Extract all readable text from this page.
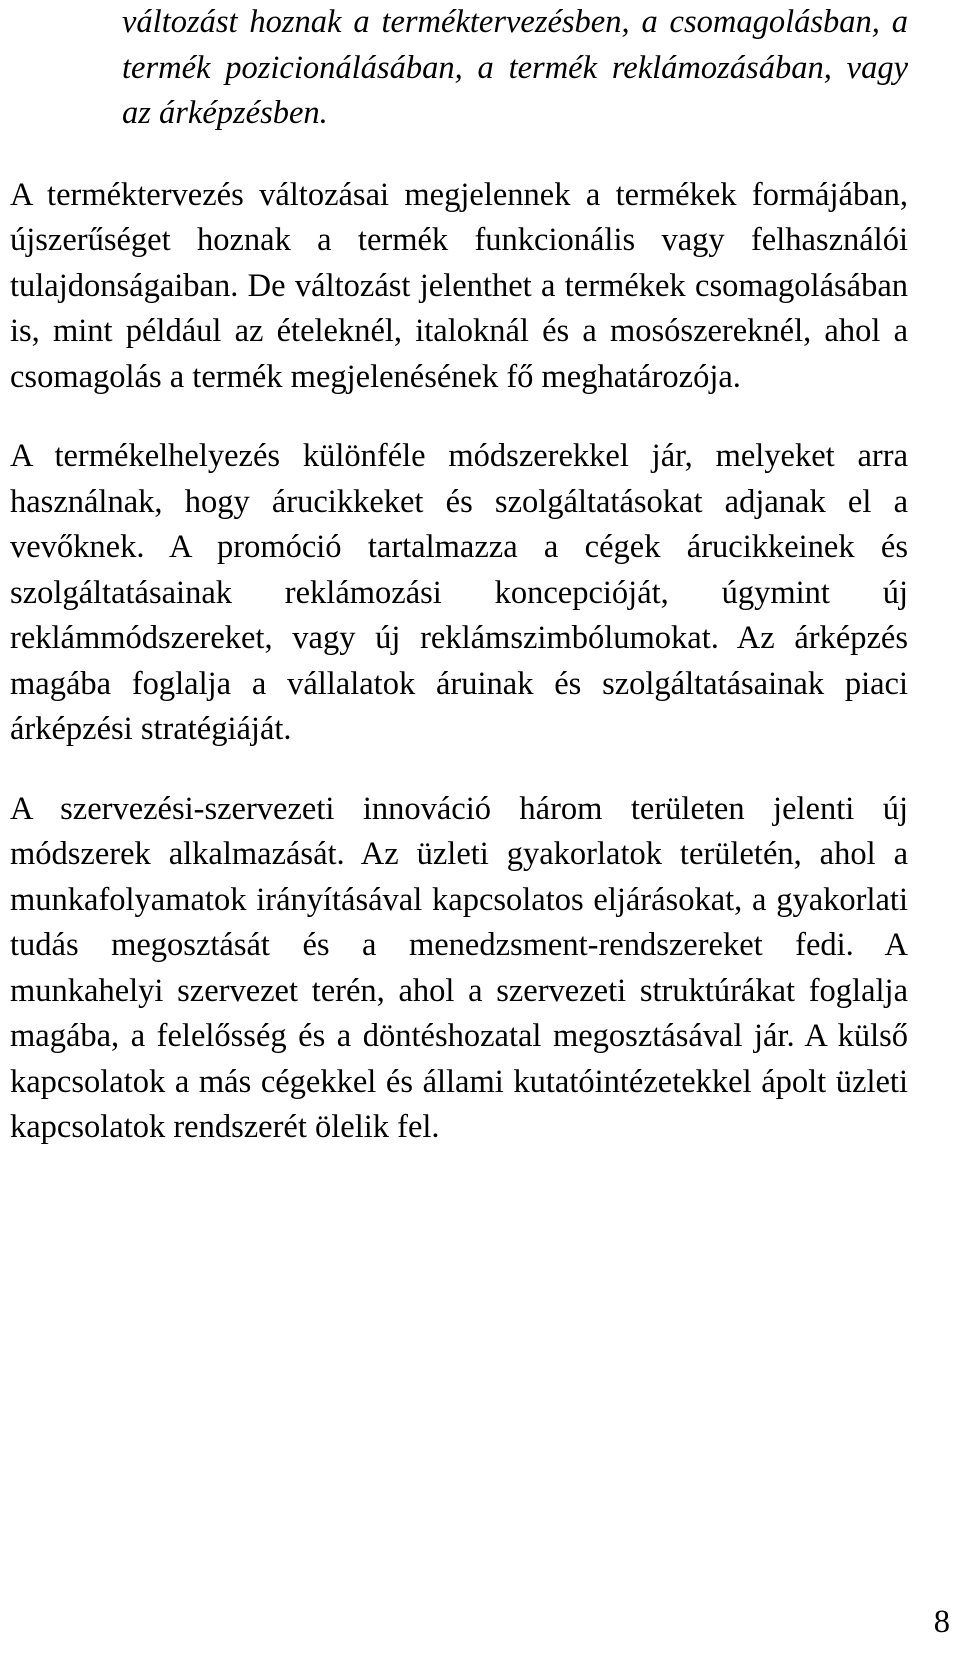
változást hoznak a terméktervezésben, a csomagolásban, a termék pozicionálásában, a termék reklámozásában, vagy az árképzésben.

A terméktervezés változásai megjelennek a termékek formájában, újszerűséget hoznak a termék funkcionális vagy felhasználói tulajdonságaiban. De változást jelenthet a termékek csomagolásában is, mint például az ételeknél, italoknál és a mosószereknél, ahol a csomagolás a termék megjelenésének fő meghatározója.

A termékelhelyezés különféle módszerekkel jár, melyeket arra használnak, hogy árucikkeket és szolgáltatásokat adjanak el a vevőknek. A promóció tartalmazza a cégek árucikkeinek és szolgáltatásainak reklámozási koncepcióját, úgymint új reklámmódszereket, vagy új reklámszimbólumokat. Az árképzés magába foglalja a vállalatok áruinak és szolgáltatásainak piaci árképzési stratégiáját.

A szervezési-szervezeti innováció három területen jelenti új módszerek alkalmazását. Az üzleti gyakorlatok területén, ahol a munkafolyamatok irányításával kapcsolatos eljárásokat, a gyakorlati tudás megosztását és a menedzsment-rendszereket fedi. A munkahelyi szervezet terén, ahol a szervezeti struktúrákat foglalja magába, a felelősség és a döntéshozatal megosztásával jár. A külső kapcsolatok a más cégekkel és állami kutatóintézetekkel ápolt üzleti kapcsolatok rendszerét ölelik fel.

8
